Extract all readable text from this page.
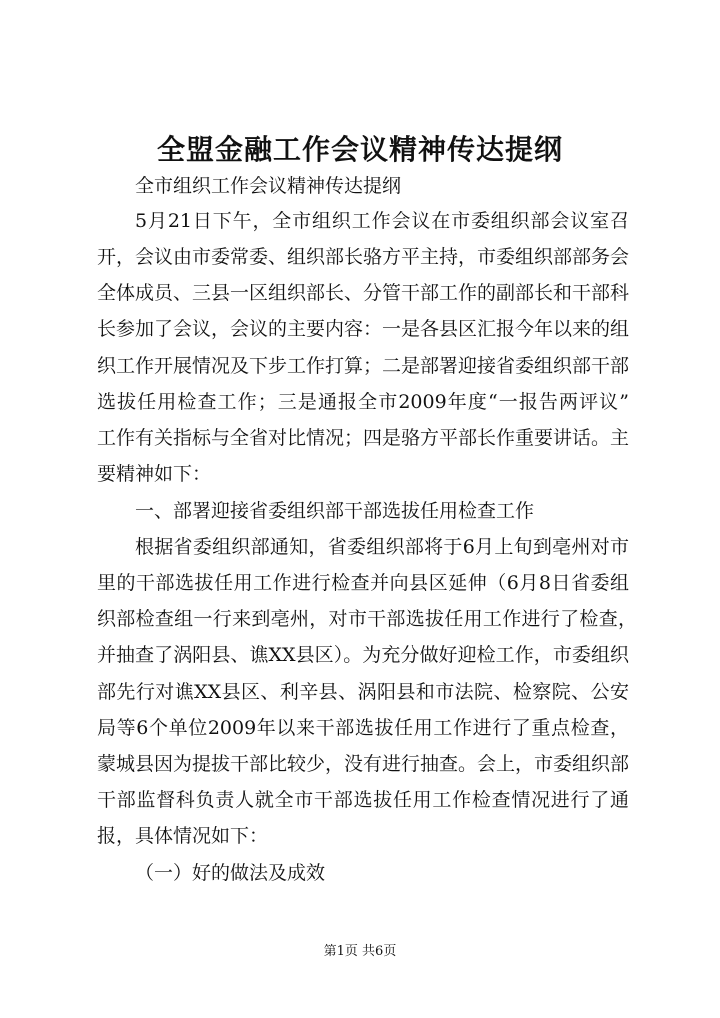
全盟金融工作会议精神传达提纲
全市组织工作会议精神传达提纲
5月21日下午，全市组织工作会议在市委组织部会议室召
开，会议由市委常委、组织部长骆方平主持，市委组织部部务会
全体成员、三县一区组织部长、分管干部工作的副部长和干部科
长参加了会议，会议的主要内容：一是各县区汇报今年以来的组
织工作开展情况及下步工作打算；二是部署迎接省委组织部干部
选拔任用检查工作；三是通报全市2009年度“一报告两评议”
工作有关指标与全省对比情况；四是骆方平部长作重要讲话。主
要精神如下：
一、部署迎接省委组织部干部选拔任用检查工作
根据省委组织部通知，省委组织部将于6月上旬到亳州对市
里的干部选拔任用工作进行检查并向县区延伸（6月8日省委组
织部检查组一行来到亳州，对市干部选拔任用工作进行了检查，
并抽查了涡阳县、谯XX县区）。为充分做好迎检工作，市委组织
部先行对谯XX县区、利辛县、涡阳县和市法院、检察院、公安
局等6个单位2009年以来干部选拔任用工作进行了重点检查，
蒙城县因为提拔干部比较少，没有进行抽查。会上，市委组织部
干部监督科负责人就全市干部选拔任用工作检查情况进行了通
报，具体情况如下：
（一）好的做法及成效
第1页 共6页
